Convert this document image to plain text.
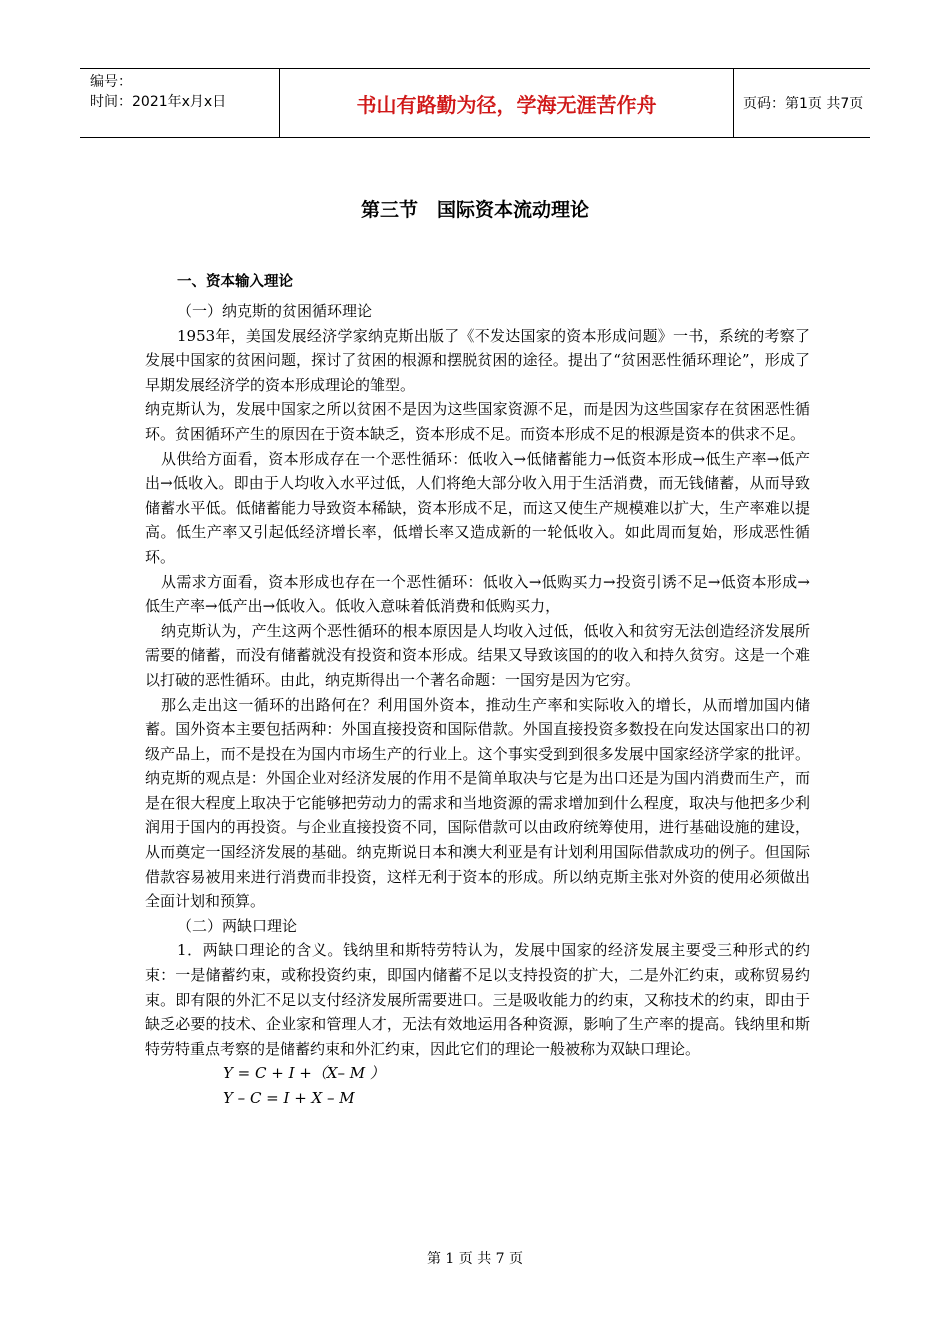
编号：
时间：2021年x月x日	书山有路勤为径，学海无涯苦作舟	页码：第1页 共7页
第三节　国际资本流动理论
一、资本输入理论

（一）纳克斯的贫困循环理论

1953年，美国发展经济学家纳克斯出版了《不发达国家的资本形成问题》一书，系统的考察了发展中国家的贫困问题，探讨了贫困的根源和摆脱贫困的途径。提出了“贫困恶性循环理论”，形成了早期发展经济学的资本形成理论的雏型。

纳克斯认为，发展中国家之所以贫困不是因为这些国家资源不足，而是因为这些国家存在贫困恶性循环。贫困循环产生的原因在于资本缺乏，资本形成不足。而资本形成不足的根源是资本的供求不足。

从供给方面看，资本形成存在一个恶性循环：低收入→低储蓄能力→低资本形成→低生产率→低产出→低收入。即由于人均收入水平过低，人们将绝大部分收入用于生活消费，而无钱储蓄，从而导致储蓄水平低。低储蓄能力导致资本稀缺，资本形成不足，而这又使生产规模难以扩大，生产率难以提高。低生产率又引起低经济增长率，低增长率又造成新的一轮低收入。如此周而复始，形成恶性循环。

从需求方面看，资本形成也存在一个恶性循环：低收入→低购买力→投资引诱不足→低资本形成→低生产率→低产出→低收入。低收入意味着低消费和低购买力，

纳克斯认为，产生这两个恶性循环的根本原因是人均收入过低，低收入和贫穷无法创造经济发展所需要的储蓄，而没有储蓄就没有投资和资本形成。结果又导致该国的的收入和持久贫穷。这是一个难以打破的恶性循环。由此，纳克斯得出一个著名命题：一国穷是因为它穷。

那么走出这一循环的出路何在？利用国外资本，推动生产率和实际收入的增长，从而增加国内储蓄。国外资本主要包括两种：外国直接投资和国际借款。外国直接投资多数投在向发达国家出口的初级产品上，而不是投在为国内市场生产的行业上。这个事实受到到很多发展中国家经济学家的批评。纳克斯的观点是：外国企业对经济发展的作用不是简单取决与它是为出口还是为国内消费而生产，而是在很大程度上取决于它能够把劳动力的需求和当地资源的需求增加到什么程度，取决与他把多少利润用于国内的再投资。与企业直接投资不同，国际借款可以由政府统筹使用，进行基础设施的建设，从而奠定一国经济发展的基础。纳克斯说日本和澳大利亚是有计划利用国际借款成功的例子。但国际借款容易被用来进行消费而非投资，这样无利于资本的形成。所以纳克斯主张对外资的使用必须做出全面计划和预算。

（二）两缺口理论

1．两缺口理论的含义。钱纳里和斯特劳特认为，发展中国家的经济发展主要受三种形式的约束：一是储蓄约束，或称投资约束，即国内储蓄不足以支持投资的扩大，二是外汇约束，或称贸易约束。即有限的外汇不足以支付经济发展所需要进口。三是吸收能力的约束，又称技术的约束，即由于缺乏必要的技术、企业家和管理人才，无法有效地运用各种资源，影响了生产率的提高。钱纳里和斯特劳特重点考察的是储蓄约束和外汇约束，因此它们的理论一般被称为双缺口理论。

Y = C + I +（X– M ）

Y – C = I + X – M

第 1 页 共 7 页
